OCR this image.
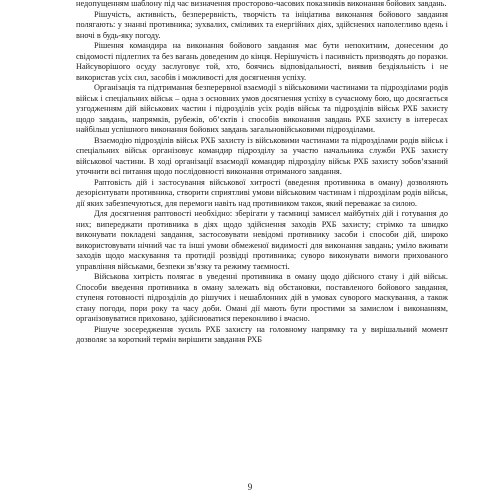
недопущенням шаблону під час визначення просторово-часових показників виконання бойових завдань.

Рішучість, активність, безперервність, творчість та ініціатива виконання бойового завдання полягають: у знанні противника; зухвалих, сміливих та енергійних діях, здійснених наполегливо вдень і вночі в будь-яку погоду.

Рішення командира на виконання бойового завдання має бути непохитним, донесеним до свідомості підлеглих та без вагань доведеним до кінця. Нерішучість і пасивність призводять до поразки. Найсуворішого осуду заслуговує той, хто, боячись відповідальності, виявив бездіяльність і не використав усіх сил, засобів і можливості для досягнення успіху.

Організація та підтримання безперервної взаємодії з військовими частинами та підрозділами родів військ і спеціальних військ – одна з основних умов досягнення успіху в сучасному бою, що досягається узгодженням дій військових частин і підрозділів усіх родів військ та підрозділів військ РХБ захисту щодо завдань, напрямків, рубежів, об’єктів і способів виконання завдань РХБ захисту в інтересах найбільш успішного виконання бойових завдань загальновійськовими підрозділами.

Взаємодію підрозділів військ РХБ захисту із військовими частинами та підрозділами родів військ і спеціальних військ організовує командир підрозділу за участю начальника служби РХБ захисту військової частини. В ході організації взаємодії командир підрозділу військ РХБ захисту зобов’язаний уточнити всі питання щодо послідовності виконання отриманого завдання.

Раптовість дій і застосування військової хитрості (введення противника в оману) дозволяють дезорієнтувати противника, створити сприятливі умови військовим частинам і підрозділам родів військ, дії яких забезпечуються, для перемоги навіть над противником також, який переважає за силою.

Для досягнення раптовості необхідно: зберігати у таємниці замисел майбутніх дій і готування до них; випереджати противника в діях щодо здійснення заходів РХБ захисту; стрімко та швидко виконувати покладені завдання, застосовувати невідомі противнику засоби і способи дій, широко використовувати нічний час та інші умови обмеженої видимості для виконання завдань; уміло вживати заходів щодо маскування та протидії розвідці противника; суворо виконувати вимоги прихованого управління військами, безпеки зв’язку та режиму таємності.

Військова хитрість полягає в уведенні противника в оману щодо дійсного стану і дій військ. Способи введення противника в оману залежать від обстановки, поставленого бойового завдання, ступеня готовності підрозділів до рішучих і нешаблонних дій в умовах суворого маскування, а також стану погоди, пори року та часу доби. Омані дії мають бути простими за замислом і виконанням, організовуватися приховано, здійснюватися переконливо і вчасно.

Рішуче зосередження зусиль РХБ захисту на головному напрямку та у вирішальний момент дозволяє за короткий термін вирішити завдання РХБ

9
